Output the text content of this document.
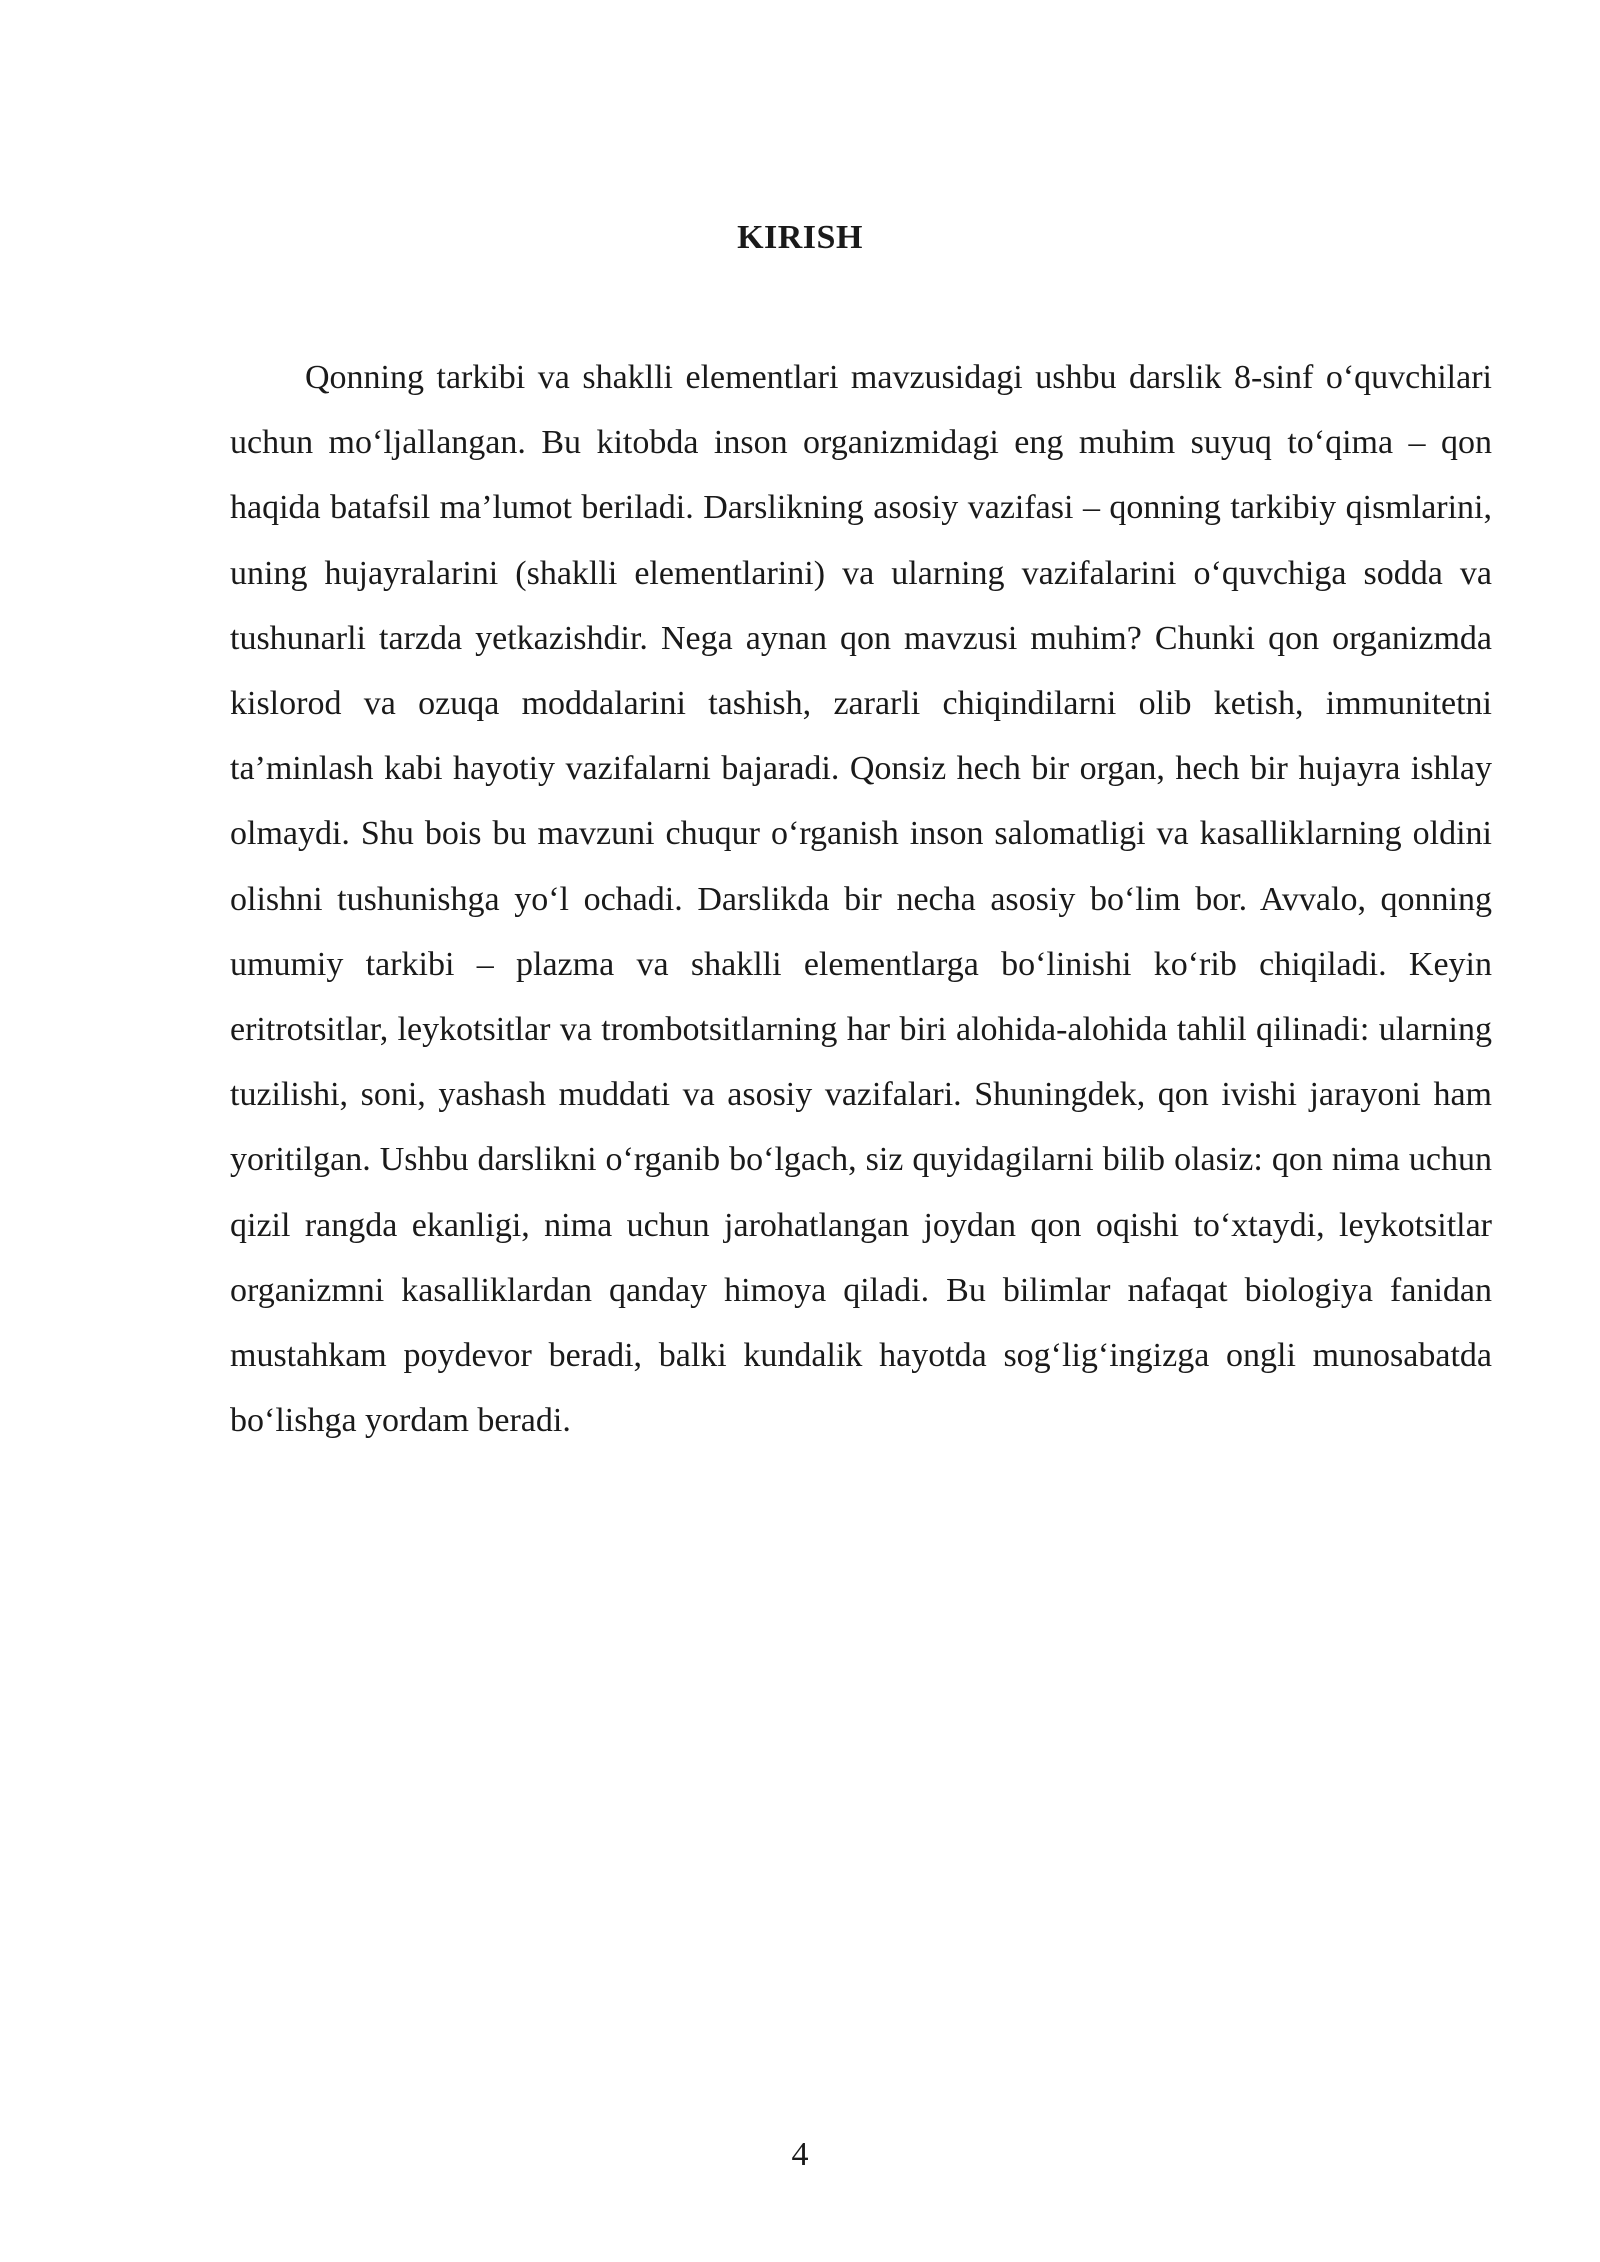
KIRISH

Qonning tarkibi va shaklli elementlari mavzusidagi ushbu darslik 8-sinf o‘quvchilari uchun mo‘ljallangan. Bu kitobda inson organizmidagi eng muhim suyuq to‘qima – qon haqida batafsil ma’lumot beriladi. Darslikning asosiy vazifasi – qonning tarkibiy qismlarini, uning hujayralarini (shaklli elementlarini) va ularning vazifalarini o‘quvchiga sodda va tushunarli tarzda yetkazishdir. Nega aynan qon mavzusi muhim? Chunki qon organizmda kislorod va ozuqa moddalarini tashish, zararli chiqindilarni olib ketish, immunitetni ta’minlash kabi hayotiy vazifalarni bajaradi. Qonsiz hech bir organ, hech bir hujayra ishlay olmaydi. Shu bois bu mavzuni chuqur o‘rganish inson salomatligi va kasalliklarning oldini olishni tushunishga yo‘l ochadi. Darslikda bir necha asosiy bo‘lim bor. Avvalo, qonning umumiy tarkibi – plazma va shaklli elementlarga bo‘linishi ko‘rib chiqiladi. Keyin eritrotsitlar, leykotsitlar va trombotsitlarning har biri alohida-alohida tahlil qilinadi: ularning tuzilishi, soni, yashash muddati va asosiy vazifalari. Shuningdek, qon ivishi jarayoni ham yoritilgan. Ushbu darslikni o‘rganib bo‘lgach, siz quyidagilarni bilib olasiz: qon nima uchun qizil rangda ekanligi, nima uchun jarohatlangan joydan qon oqishi to‘xtaydi, leykotsitlar organizmni kasalliklardan qanday himoya qiladi. Bu bilimlar nafaqat biologiya fanidan mustahkam poydevor beradi, balki kundalik hayotda sog‘lig‘ingizga ongli munosabatda bo‘lishga yordam beradi.

4
